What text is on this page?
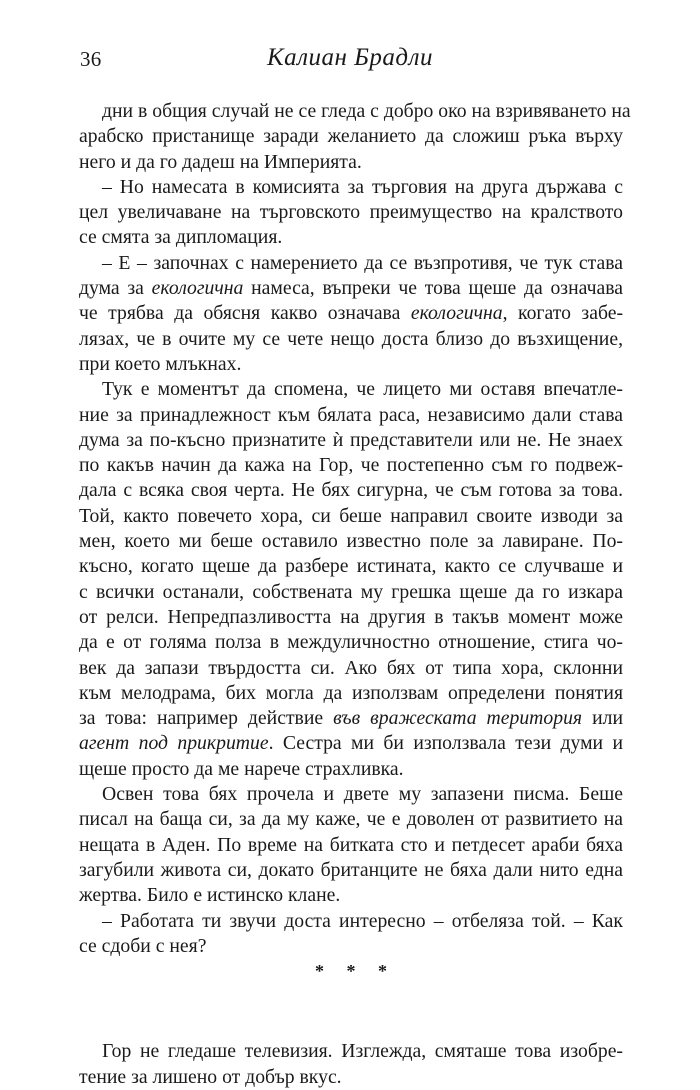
36	Калиан Брадли

дни в общия случай не се гледа с добро око на взривяването на
арабско пристанище заради желанието да сложиш ръка върху
него и да го дадеш на Империята.

– Но намесата в комисията за търговия на друга държава с
цел увеличаване на търговското преимущество на кралството
се смята за дипломация.

– Е – започнах с намерението да се възпротивя, че тук става
дума за екологична намеса, въпреки че това щеше да означава
че трябва да обясня какво означава екологична, когато забе-
лязах, че в очите му се чете нещо доста близо до възхищение,
при което млъкнах.

Тук е моментът да спомена, че лицето ми оставя впечатле-
ние за принадлежност към бялата раса, независимо дали става
дума за по-късно признатите ѝ представители или не. Не знаех
по какъв начин да кажа на Гор, че постепенно съм го подвеж-
дала с всяка своя черта. Не бях сигурна, че съм готова за това.
Той, както повечето хора, си беше направил своите изводи за
мен, което ми беше оставило известно поле за лавиране. По-
късно, когато щеше да разбере истината, както се случваше и
с всички останали, собствената му грешка щеше да го изкара
от релси. Непредпазливостта на другия в такъв момент може
да е от голяма полза в междуличностно отношение, стига чо-
век да запази твърдостта си. Ако бях от типа хора, склонни
към мелодрама, бих могла да използвам определени понятия
за това: например действие във вражеската територия или
агент под прикритие. Сестра ми би използвала тези думи и
щеше просто да ме нарече страхливка.

Освен това бях прочела и двете му запазени писма. Беше
писал на баща си, за да му каже, че е доволен от развитието на
нещата в Аден. По време на битката сто и петдесет араби бяха
загубили живота си, докато британците не бяха дали нито една
жертва. Било е истинско клане.

– Работата ти звучи доста интересно – отбеляза той. – Как
се сдоби с нея?

* * *

Гор не гледаше телевизия. Изглежда, смяташе това изобре-
тение за лишено от добър вкус.
